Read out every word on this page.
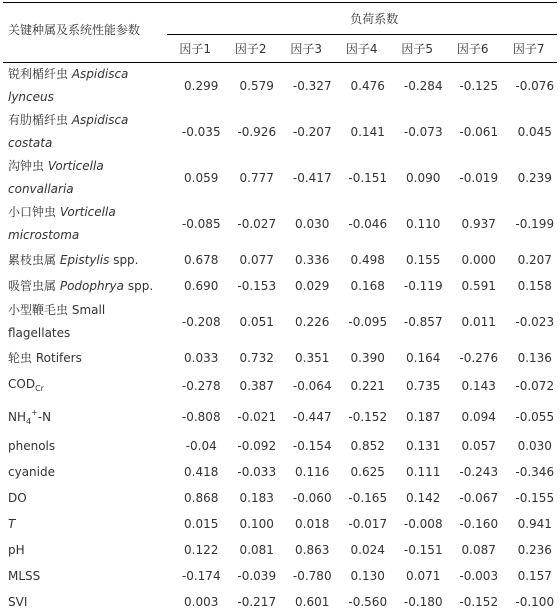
关键种属及系统性能参数	负荷系数						
	因子1	因子2	因子3	因子4	因子5	因子6	因子7
锐利楯纤虫 Aspidisca
lynceus	0.299	0.579	-0.327	0.476	-0.284	-0.125	-0.076
有肋楯纤虫 Aspidisca
costata	-0.035	-0.926	-0.207	0.141	-0.073	-0.061	0.045
沟钟虫 Vorticella convallaria	0.059	0.777	-0.417	-0.151	0.090	-0.019	0.239
小口钟虫 Vorticella
microstoma	-0.085	-0.027	0.030	-0.046	0.110	0.937	-0.199
累枝虫属 Epistylis spp.	0.678	0.077	0.336	0.498	0.155	0.000	0.207
吸管虫属 Podophrya spp.	0.690	-0.153	0.029	0.168	-0.119	0.591	0.158
小型鞭毛虫 Small
flagellates	-0.208	0.051	0.226	-0.095	-0.857	0.011	-0.023
轮虫 Rotifers	0.033	0.732	0.351	0.390	0.164	-0.276	0.136
$COD_{Cr}$	-0.278	0.387	-0.064	0.221	0.735	0.143	-0.072
$NH_4^+-N$	-0.808	-0.021	-0.447	-0.152	0.187	0.094	-0.055
phenols	-0.04	-0.092	-0.154	0.852	0.131	0.057	0.030
cyanide	0.418	-0.033	0.116	0.625	0.111	-0.243	-0.346
DO	0.868	0.183	-0.060	-0.165	0.142	-0.067	-0.155
T	0.015	0.100	0.018	-0.017	-0.008	-0.160	0.941
pH	0.122	0.081	0.863	0.024	-0.151	0.087	0.236
MLSS	-0.174	-0.039	-0.780	0.130	0.071	-0.003	0.157
SVI	0.003	-0.217	0.601	-0.560	-0.180	-0.152	-0.100
